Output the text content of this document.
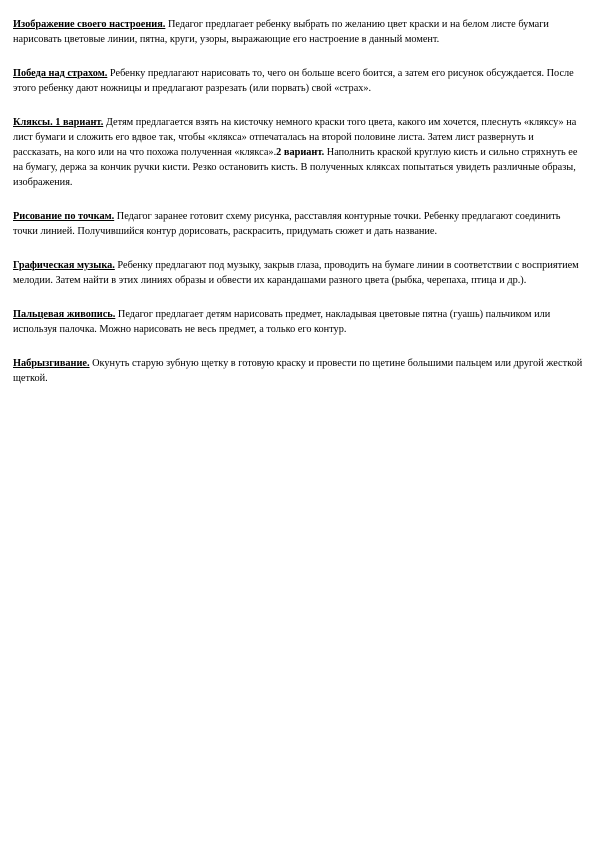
Изображение своего настроения. Педагог предлагает ребенку выбрать по желанию цвет краски и на белом листе бумаги нарисовать цветовые линии, пятна, круги, узоры, выражающие его настроение в данный момент.

Победа над страхом. Ребенку предлагают нарисовать то, чего он больше всего боится, а затем его рисунок обсуждается. После этого ребенку дают ножницы и предлагают разрезать (или порвать) свой «страх».

Кляксы. 1 вариант. Детям предлагается взять на кисточку немного краски того цвета, какого им хочется, плеснуть «кляксу» на лист бумаги и сложить его вдвое так, чтобы «клякса» отпечаталась на второй половине листа. Затем лист развернуть и рассказать, на кого или на что похожа полученная «клякса».2 вариант. Наполнить краской круглую кисть и сильно стряхнуть ее на бумагу, держа за кончик ручки кисти. Резко остановить кисть. В полученных кляксах попытаться увидеть различные образы, изображения.

Рисование по точкам. Педагог заранее готовит схему рисунка, расставляя контурные точки. Ребенку предлагают соединить точки линией. Получившийся контур дорисовать, раскрасить, придумать сюжет и дать название.

Графическая музыка. Ребенку предлагают под музыку, закрыв глаза, проводить на бумаге линии в соответствии с восприятием мелодии. Затем найти в этих линиях образы и обвести их карандашами разного цвета (рыбка, черепаха, птица и др.).

Пальцевая живопись. Педагог предлагает детям нарисовать предмет, накладывая цветовые пятна (гуашь) пальчиком или используя палочка. Можно нарисовать не весь предмет, а только его контур.

Набрызгивание. Окунуть старую зубную щетку в готовую краску и провести по щетине большими пальцем или другой жесткой щеткой.
